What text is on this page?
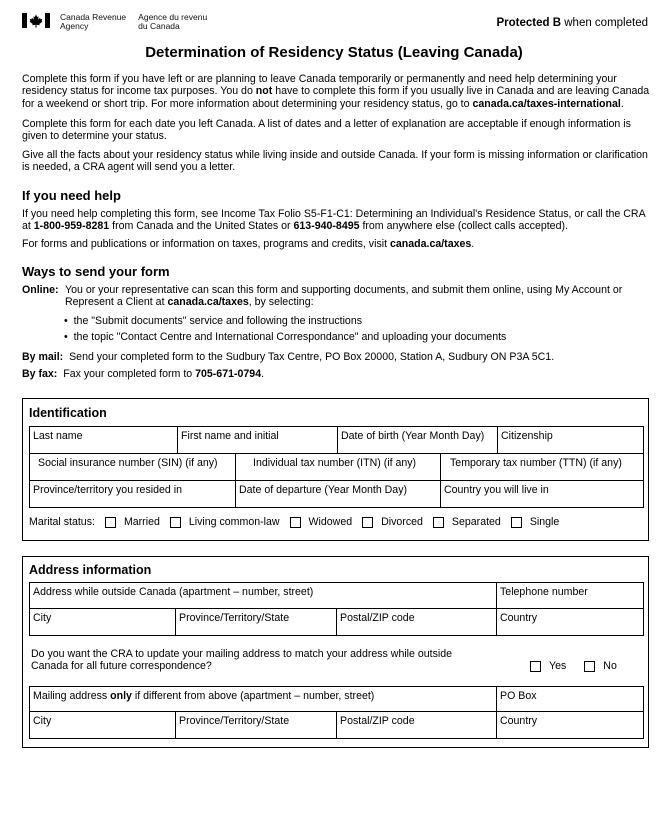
Canada Revenue
Agency
Agence du revenu
du Canada	Protected B when completed
Determination of Residency Status (Leaving Canada)
Complete this form if you have left or are planning to leave Canada temporarily or permanently and need help determining your residency status for income tax purposes. You do not have to complete this form if you usually live in Canada and are leaving Canada for a weekend or short trip. For more information about determining your residency status, go to canada.ca/taxes-international.
Complete this form for each date you left Canada. A list of dates and a letter of explanation are acceptable if enough information is given to determine your status.
Give all the facts about your residency status while living inside and outside Canada. If your form is missing information or clarification is needed, a CRA agent will send you a letter.
If you need help
If you need help completing this form, see Income Tax Folio S5-F1-C1: Determining an Individual's Residence Status, or call the CRA at 1-800-959-8281 from Canada and the United States or 613-940-8495 from anywhere else (collect calls accepted).
For forms and publications or information on taxes, programs and credits, visit canada.ca/taxes.
Ways to send your form
Online: You or your representative can scan this form and supporting documents, and submit them online, using My Account or Represent a Client at canada.ca/taxes, by selecting:
•  the "Submit documents" service and following the instructions
•  the topic "Contact Centre and International Correspondance" and uploading your documents
By mail: Send your completed form to the Sudbury Tax Centre, PO Box 20000, Station A, Sudbury ON P3A 5C1.
By fax: Fax your completed form to 705-671-0794.
Identification
Last name	First name and initial	Date of birth (Year Month Day)	Citizenship
Social insurance number (SIN) (if any)	Individual tax number (ITN) (if any)	Temporary tax number (TTN) (if any)
Province/territory you resided in	Date of departure (Year Month Day)	Country you will live in
Marital status:	Married	Living common-law	Widowed	Divorced	Separated	Single
Address information
Address while outside Canada (apartment – number, street)	Telephone number
City	Province/Territory/State	Postal/ZIP code	Country
Do you want the CRA to update your mailing address to match your address while outside Canada for all future correspondence?	Yes	No
Mailing address only if different from above (apartment – number, street)	PO Box
City	Province/Territory/State	Postal/ZIP code	Country
